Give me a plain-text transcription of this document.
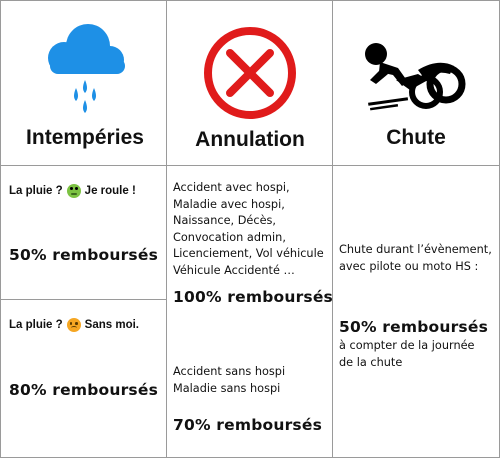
Intempéries	Annulation	Chute
La pluie ? Je roule !
50% remboursés
La pluie ? Sans moi.
80% remboursés
Accident avec hospi,
Maladie avec hospi,
Naissance, Décès,
Convocation admin,
Licenciement, Vol véhicule
Véhicule Accidenté …
100% remboursés
Accident sans hospi
Maladie sans hospi
70% remboursés
Chute durant l’évènement,
avec pilote ou moto HS :
50% remboursés
à compter de la journée
de la chute
